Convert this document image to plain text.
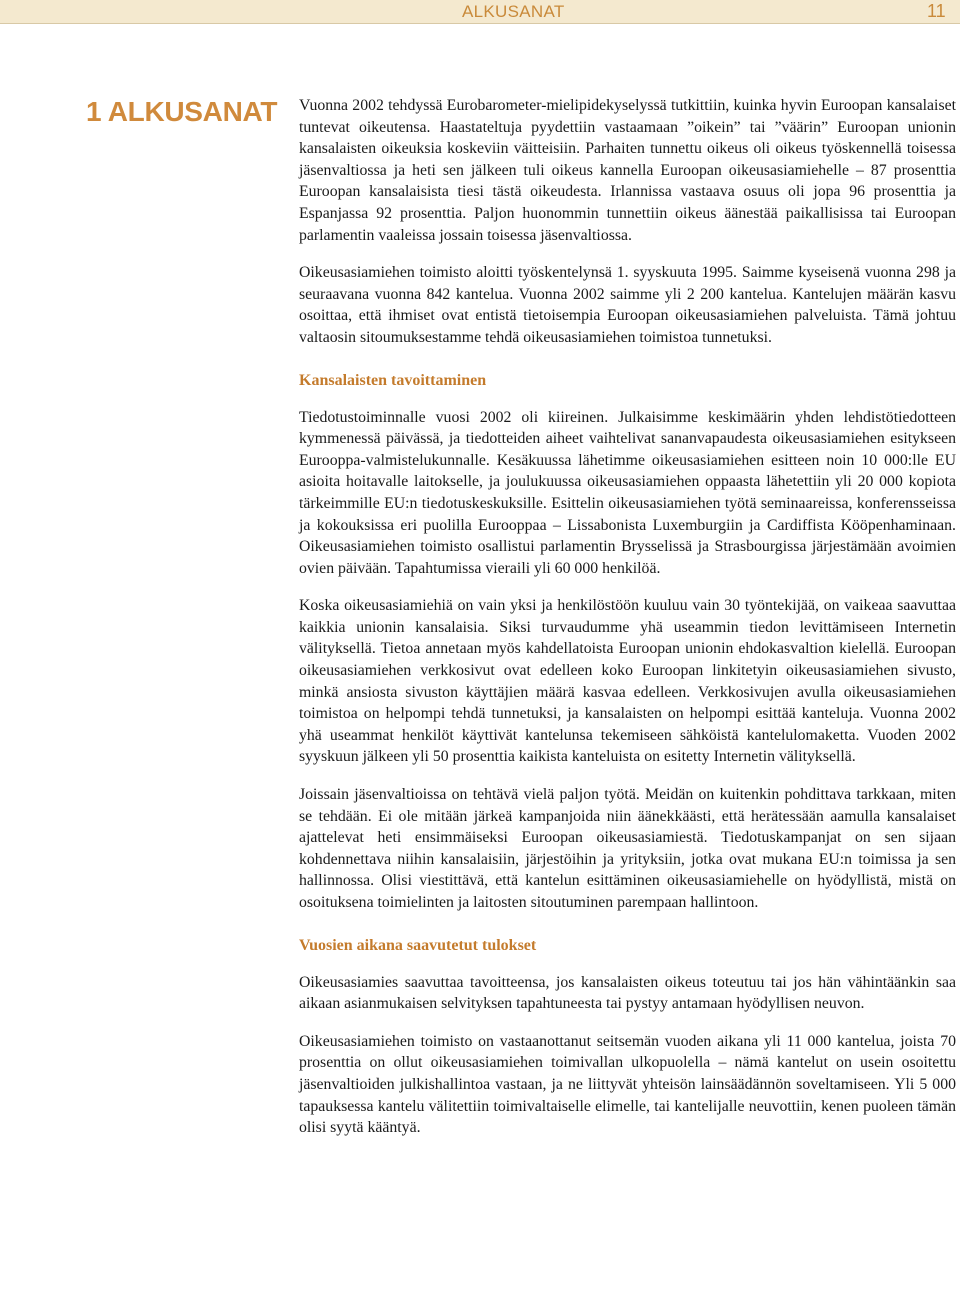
ALKUSANAT	11
1 ALKUSANAT Vuonna 2002 tehdyssä Eurobarometer-mielipidekyselyssä tutkittiin, kuinka hyvin Euroopan kansalaiset tuntevat oikeutensa. Haastateltuja pyydettiin vastaamaan ”oikein” tai ”väärin” Euroopan unionin kansalaisten oikeuksia koskeviin väitteisiin. Parhaiten tunnettu oikeus oli oikeus työskennellä toisessa jäsenvaltiossa ja heti sen jälkeen tuli oikeus kannella Euroopan oikeusasiamiehelle – 87 prosenttia Euroopan kansalaisista tiesi tästä oikeudesta. Irlannissa vastaava osuus oli jopa 96 prosenttia ja Espanjassa 92 prosenttia. Paljon huonommin tunnettiin oikeus äänestää paikallisissa tai Euroopan parlamentin vaaleissa jossain toisessa jäsenvaltiossa.

Oikeusasiamiehen toimisto aloitti työskentelynsä 1. syyskuuta 1995. Saimme kyseisenä vuonna 298 ja seuraavana vuonna 842 kantelua. Vuonna 2002 saimme yli 2 200 kantelua. Kantelujen määrän kasvu osoittaa, että ihmiset ovat entistä tietoisempia Euroopan oikeusasiamiehen palveluista. Tämä johtuu valtaosin sitoumuksestamme tehdä oikeusasiamiehen toimistoa tunnetuksi.

Kansalaisten tavoittaminen

Tiedotustoiminnalle vuosi 2002 oli kiireinen. Julkaisimme keskimäärin yhden lehdistötiedotteen kymmenessä päivässä, ja tiedotteiden aiheet vaihtelivat sananvapaudesta oikeusasiamiehen esitykseen Eurooppa-valmistelukunnalle. Kesäkuussa lähetimme oikeusasiamiehen esitteen noin 10 000:lle EU asioita hoitavalle laitokselle, ja joulukuussa oikeusasiamiehen oppaasta lähetettiin yli 20 000 kopiota tärkeimmille EU:n tiedotuskeskuksille. Esittelin oikeusasiamiehen työtä seminaareissa, konferensseissa ja kokouksissa eri puolilla Eurooppaa – Lissabonista Luxemburgiin ja Cardiffista Kööpenhaminaan. Oikeusasiamiehen toimisto osallistui parlamentin Brysselissä ja Strasbourgissa järjestämään avoimien ovien päivään. Tapahtumissa vieraili yli 60 000 henkilöä.

Koska oikeusasiamiehiä on vain yksi ja henkilöstöön kuuluu vain 30 työntekijää, on vaikeaa saavuttaa kaikkia unionin kansalaisia. Siksi turvaudumme yhä useammin tiedon levittämiseen Internetin välityksellä. Tietoa annetaan myös kahdellatoista Euroopan unionin ehdokasvaltion kielellä. Euroopan oikeusasiamiehen verkkosivut ovat edelleen koko Euroopan linkitetyin oikeusasiamiehen sivusto, minkä ansiosta sivuston käyttäjien määrä kasvaa edelleen. Verkkosivujen avulla oikeusasiamiehen toimistoa on helpompi tehdä tunnetuksi, ja kansalaisten on helpompi esittää kanteluja. Vuonna 2002 yhä useammat henkilöt käyttivät kantelunsa tekemiseen sähköistä kantelulomaketta. Vuoden 2002 syyskuun jälkeen yli 50 prosenttia kaikista kanteluista on esitetty Internetin välityksellä.

Joissain jäsenvaltioissa on tehtävä vielä paljon työtä. Meidän on kuitenkin pohdittava tarkkaan, miten se tehdään. Ei ole mitään järkeä kampanjoida niin äänekkäästi, että herätessään aamulla kansalaiset ajattelevat heti ensimmäiseksi Euroopan oikeusasiamiestä. Tiedotuskampanjat on sen sijaan kohdennettava niihin kansalaisiin, järjestöihin ja yrityksiin, jotka ovat mukana EU:n toimissa ja sen hallinnossa. Olisi viestittävä, että kantelun esittäminen oikeusasiamiehelle on hyödyllistä, mistä on osoituksena toimielinten ja laitosten sitoutuminen parempaan hallintoon.

Vuosien aikana saavutetut tulokset

Oikeusasiamies saavuttaa tavoitteensa, jos kansalaisten oikeus toteutuu tai jos hän vähintäänkin saa aikaan asianmukaisen selvityksen tapahtuneesta tai pystyy antamaan hyödyllisen neuvon.

Oikeusasiamiehen toimisto on vastaanottanut seitsemän vuoden aikana yli 11 000 kantelua, joista 70 prosenttia on ollut oikeusasiamiehen toimivallan ulkopuolella – nämä kantelut on usein osoitettu jäsenvaltioiden julkishallintoa vastaan, ja ne liittyvät yhteisön lainsäädännön soveltamiseen. Yli 5 000 tapauksessa kantelu välitettiin toimivaltaiselle elimelle, tai kantelijalle neuvottiin, kenen puoleen tämän olisi syytä kääntyä.
